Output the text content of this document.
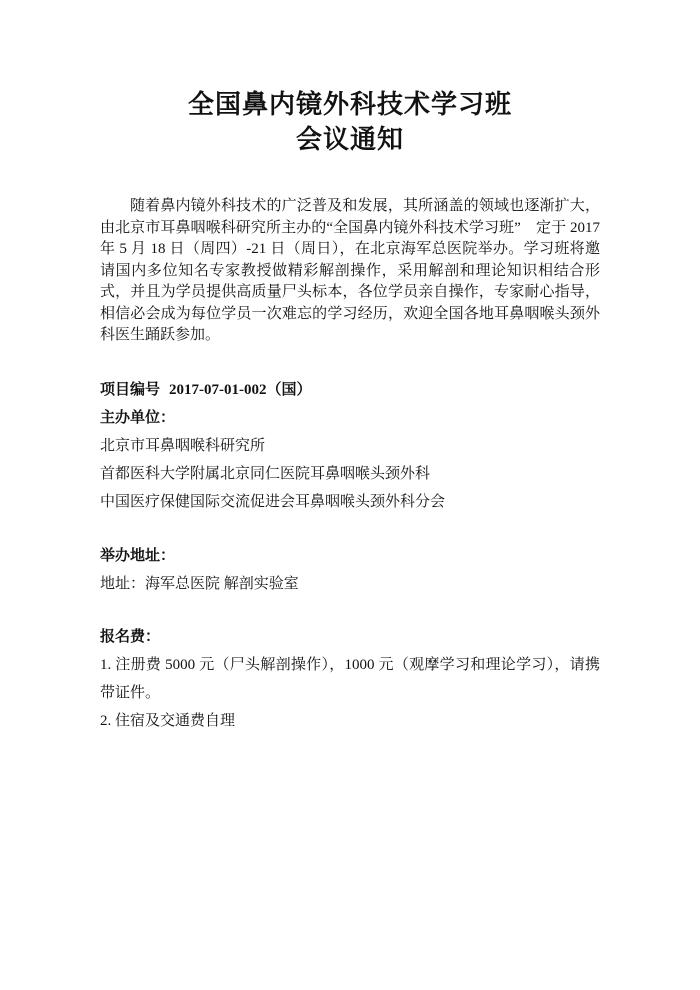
全国鼻内镜外科技术学习班
会议通知

随着鼻内镜外科技术的广泛普及和发展，其所涵盖的领域也逐渐扩大，由北京市耳鼻咽喉科研究所主办的“全国鼻内镜外科技术学习班”　定于 2017 年 5 月 18 日（周四）-21 日（周日），在北京海军总医院举办。学习班将邀请国内多位知名专家教授做精彩解剖操作，采用解剖和理论知识相结合形式，并且为学员提供高质量尸头标本，各位学员亲自操作，专家耐心指导，相信必会成为每位学员一次难忘的学习经历，欢迎全国各地耳鼻咽喉头颈外科医生踊跃参加。

项目编号 2017-07-01-002（国）

主办单位：

北京市耳鼻咽喉科研究所

首都医科大学附属北京同仁医院耳鼻咽喉头颈外科

中国医疗保健国际交流促进会耳鼻咽喉头颈外科分会

举办地址：

地址：海军总医院 解剖实验室

报名费：

1. 注册费 5000 元（尸头解剖操作），1000 元（观摩学习和理论学习），请携带证件。

2. 住宿及交通费自理
